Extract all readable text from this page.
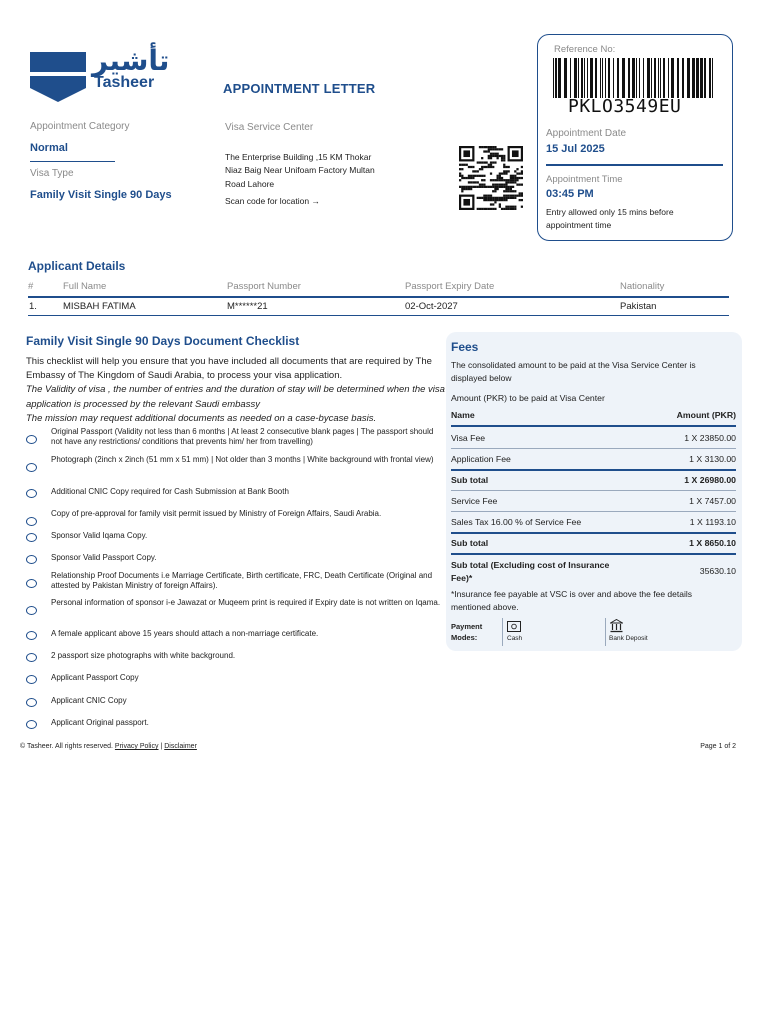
تأشير
Tasheer	APPOINTMENT LETTER
Appointment Category
Normal
Visa Type
Family Visit Single 90 Days
Visa Service Center
The Enterprise Building ,15 KM Thokar
Niaz Baig Near Unifoam Factory Multan
Road Lahore
Scan code for location →
Reference No:
PKLO3549EU
Appointment Date
15 Jul 2025
Appointment Time
03:45 PM
Entry allowed only 15 mins before appointment time
Applicant Details
#	Full Name	Passport Number	Passport Expiry Date	Nationality
1.	MISBAH FATIMA	M******21	02-Oct-2027	Pakistan
Family Visit Single 90 Days Document Checklist
This checklist will help you ensure that you have included all documents that are required by The Embassy of The Kingdom of Saudi Arabia, to process your visa application.
The Validity of visa , the number of entries and the duration of stay will be determined when the visa application is processed by the relevant Saudi embassy
The mission may request additional documents as needed on a case-bycase basis.
Original Passport (Validity not less than 6 months | At least 2 consecutive blank pages | The passport should not have any restrictions/ conditions that prevents him/ her from travelling)
Photograph (2inch x 2inch (51 mm x 51 mm) | Not older than 3 months | White background with frontal view)
Additional CNIC Copy required for Cash Submission at Bank Booth
Copy of pre-approval for family visit permit issued by Ministry of Foreign Affairs, Saudi Arabia.
Sponsor Valid Iqama Copy.
Sponsor Valid Passport Copy.
Relationship Proof Documents i.e Marriage Certificate, Birth certificate, FRC, Death Certificate (Original and attested by Pakistan Ministry of foreign Affairs).
Personal information of sponsor i-e Jawazat or Muqeem print is required if Expiry date is not written on Iqama.
A female applicant above 15 years should attach a non-marriage certificate.
2 passport size photographs with white background.
Applicant Passport Copy
Applicant CNIC Copy
Applicant Original passport.
Fees
The consolidated amount to be paid at the Visa Service Center is displayed below
Amount (PKR) to be paid at Visa Center
Name	Amount (PKR)
Visa Fee	1 X 23850.00
Application Fee	1 X 3130.00
Sub total	1 X 26980.00
Service Fee	1 X 7457.00
Sales Tax 16.00 % of Service Fee	1 X 1193.10
Sub total	1 X 8650.10
Sub total (Excluding cost of Insurance Fee)*
35630.10
*Insurance fee payable at VSC is over and above the fee details mentioned above.
Payment Modes:	Cash	Bank Deposit
© Tasheer. All rights reserved. Privacy Policy | Disclaimer	Page 1 of 2
